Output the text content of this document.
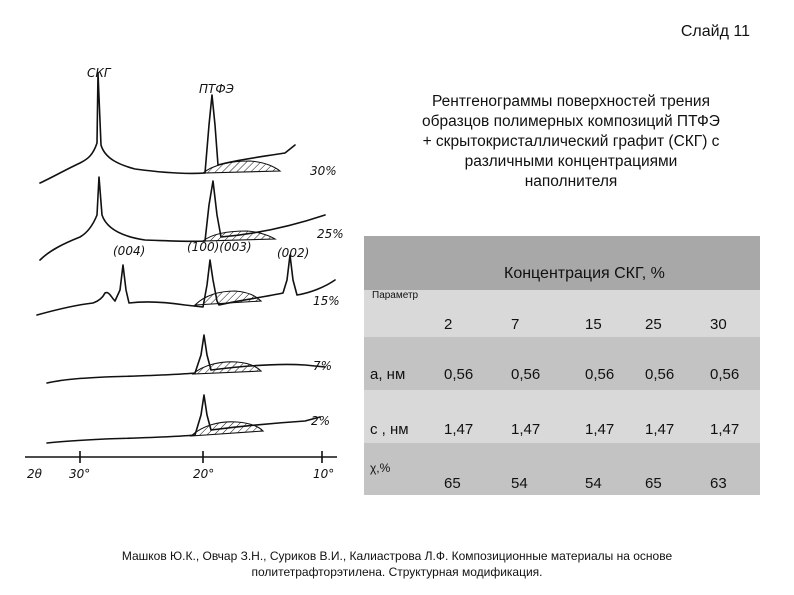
Слайд 11
Рентгенограммы поверхностей трения
образцов полимерных композиций ПТФЭ
+ скрытокристаллический графит (СКГ) с
различными концентрациями
наполнителя
СКГ
ПТФЭ
(004)	(100)(003) (002)
30%
25%
15%
7%
2%
2θ 30°	20°	10°
Концентрация СКГ, %
Параметр
2	7	15	25	30
а, нм	0,56	0,56	0,56 0,56 0,56
с , нм 1,47	1,47	1,47 1,47 1,47
χ,%
65	54	54	65	63
Машков Ю.К., Овчар З.Н., Суриков В.И., Калиастрова Л.Ф. Композиционные материалы на основе
политетрафторэтилена. Структурная модификация.
